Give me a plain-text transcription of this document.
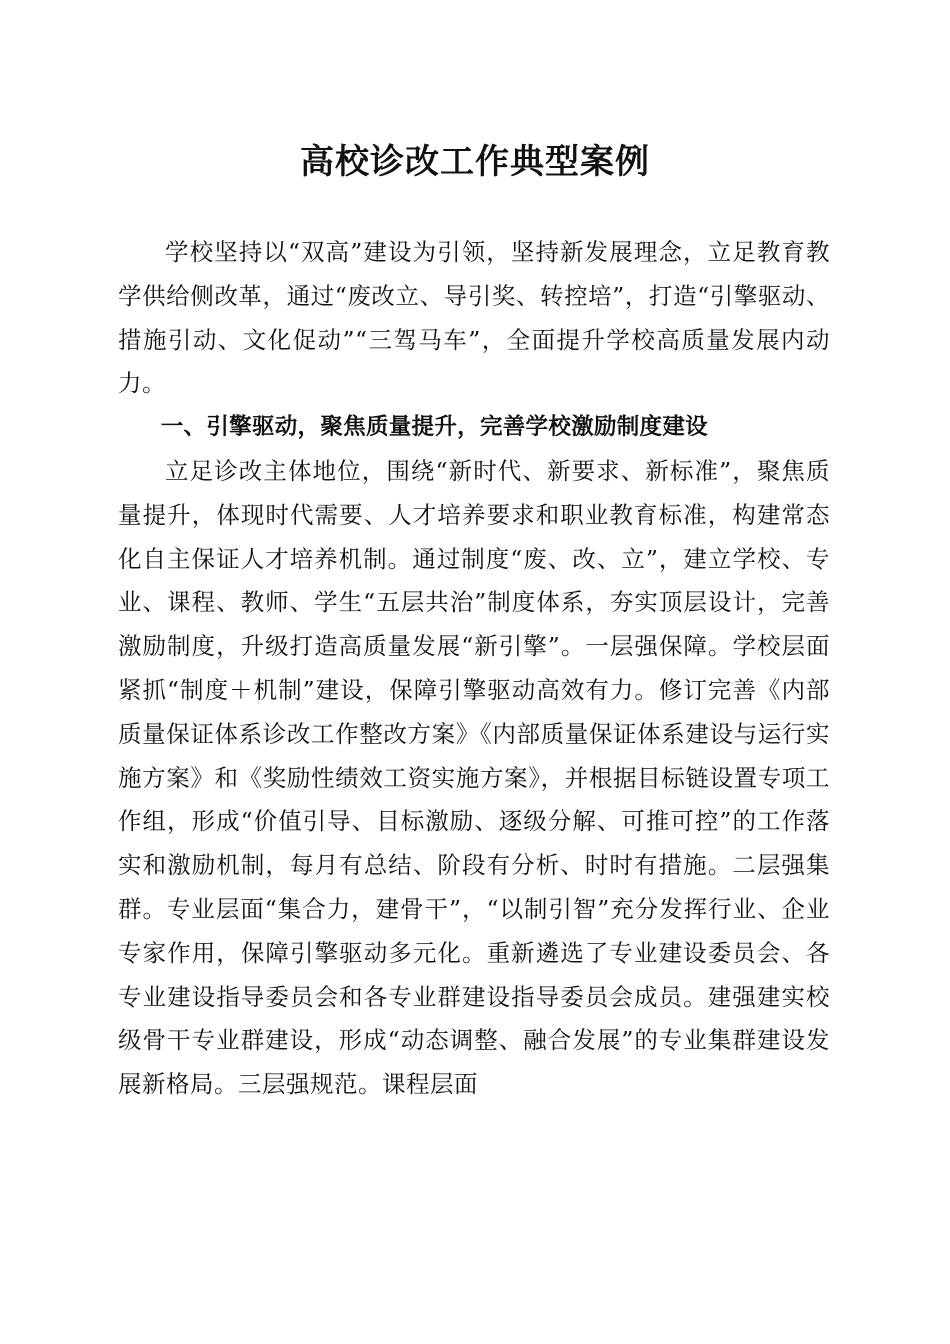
高校诊改工作典型案例

学校坚持以“双高”建设为引领，坚持新发展理念，立足教育教学供给侧改革，通过“废改立、导引奖、转控培”，打造“引擎驱动、措施引动、文化促动”“三驾马车”，全面提升学校高质量发展内动力。

一、引擎驱动，聚焦质量提升，完善学校激励制度建设

立足诊改主体地位，围绕“新时代、新要求、新标准”，聚焦质量提升，体现时代需要、人才培养要求和职业教育标准，构建常态化自主保证人才培养机制。通过制度“废、改、立”，建立学校、专业、课程、教师、学生“五层共治”制度体系，夯实顶层设计，完善激励制度，升级打造高质量发展“新引擎”。一层强保障。学校层面紧抓“制度＋机制”建设，保障引擎驱动高效有力。修订完善《内部质量保证体系诊改工作整改方案》《内部质量保证体系建设与运行实施方案》和《奖励性绩效工资实施方案》，并根据目标链设置专项工作组，形成“价值引导、目标激励、逐级分解、可推可控”的工作落实和激励机制，每月有总结、阶段有分析、时时有措施。二层强集群。专业层面“集合力，建骨干”，“以制引智”充分发挥行业、企业专家作用，保障引擎驱动多元化。重新遴选了专业建设委员会、各专业建设指导委员会和各专业群建设指导委员会成员。建强建实校级骨干专业群建设，形成“动态调整、融合发展”的专业集群建设发展新格局。三层强规范。课程层面
